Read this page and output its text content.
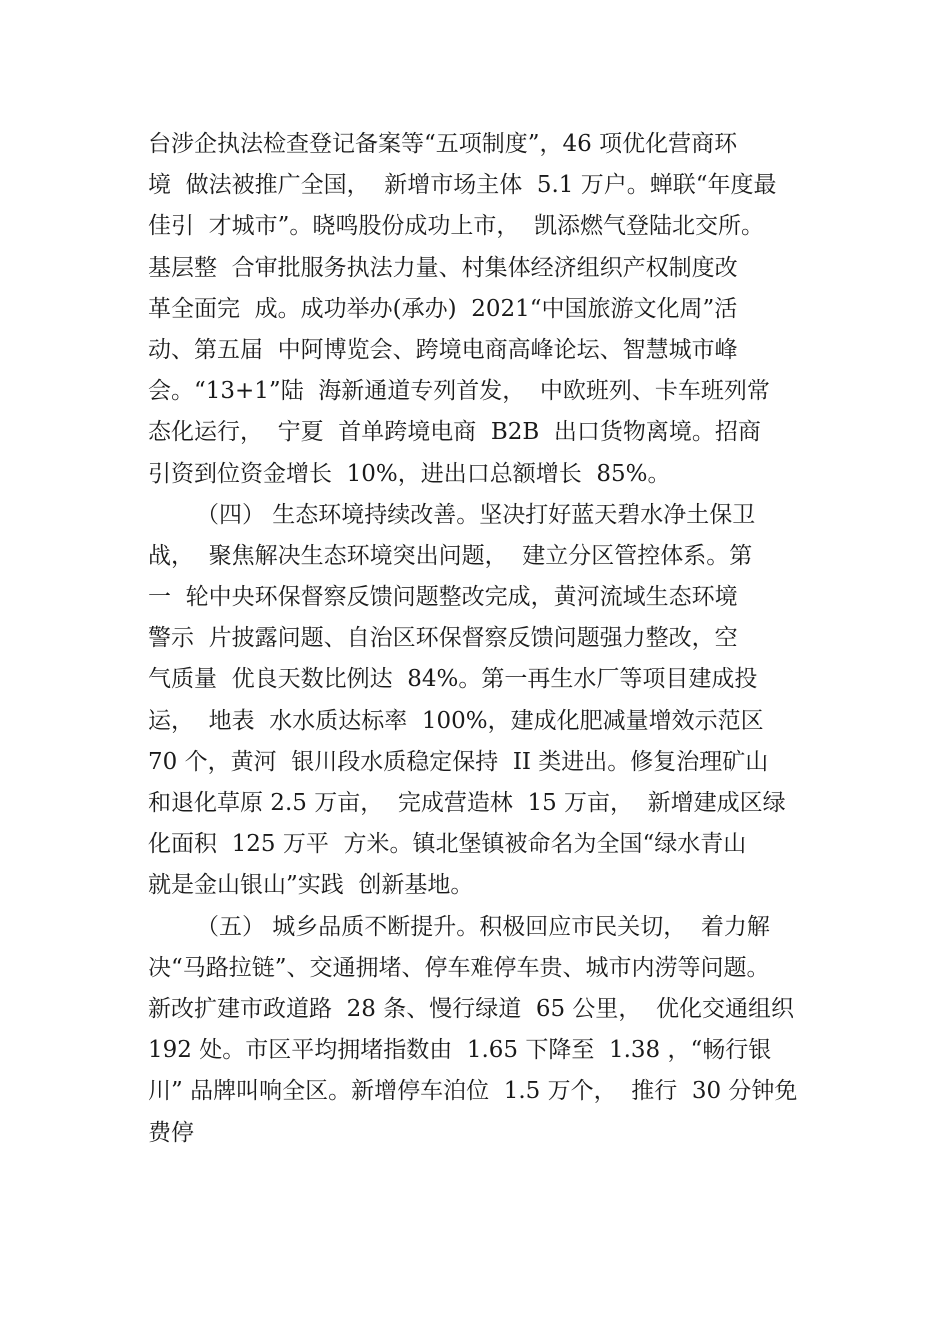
台涉企执法检查登记备案等“五项制度”，46 项优化营商环
境  做法被推广全国，  新增市场主体  5.1 万户。蝉联“年度最
佳引  才城市”。晓鸣股份成功上市，  凯添燃气登陆北交所。
基层整  合审批服务执法力量、村集体经济组织产权制度改
革全面完  成。成功举办(承办)  2021“中国旅游文化周”活
动、第五届  中阿博览会、跨境电商高峰论坛、智慧城市峰
会。“13+1”陆  海新通道专列首发，  中欧班列、卡车班列常
态化运行，  宁夏  首单跨境电商  B2B  出口货物离境。招商
引资到位资金增长  10%，进出口总额增长  85%。
（四） 生态环境持续改善。坚决打好蓝天碧水净土保卫
战，  聚焦解决生态环境突出问题，  建立分区管控体系。第
一  轮中央环保督察反馈问题整改完成，黄河流域生态环境
警示  片披露问题、自治区环保督察反馈问题强力整改，空
气质量  优良天数比例达  84%。第一再生水厂等项目建成投
运，  地表  水水质达标率  100%，建成化肥减量增效示范区
70 个，黄河  银川段水质稳定保持  II 类进出。修复治理矿山
和退化草原 2.5 万亩，  完成营造林  15 万亩，  新增建成区绿
化面积  125 万平  方米。镇北堡镇被命名为全国“绿水青山
就是金山银山”实践  创新基地。
（五） 城乡品质不断提升。积极回应市民关切，  着力解
决“马路拉链”、交通拥堵、停车难停车贵、城市内涝等问题。
新改扩建市政道路  28 条、慢行绿道  65 公里，  优化交通组织
192 处。市区平均拥堵指数由  1.65 下降至  1.38 ，“畅行银
川” 品牌叫响全区。新增停车泊位  1.5 万个，  推行  30 分钟免
费停
